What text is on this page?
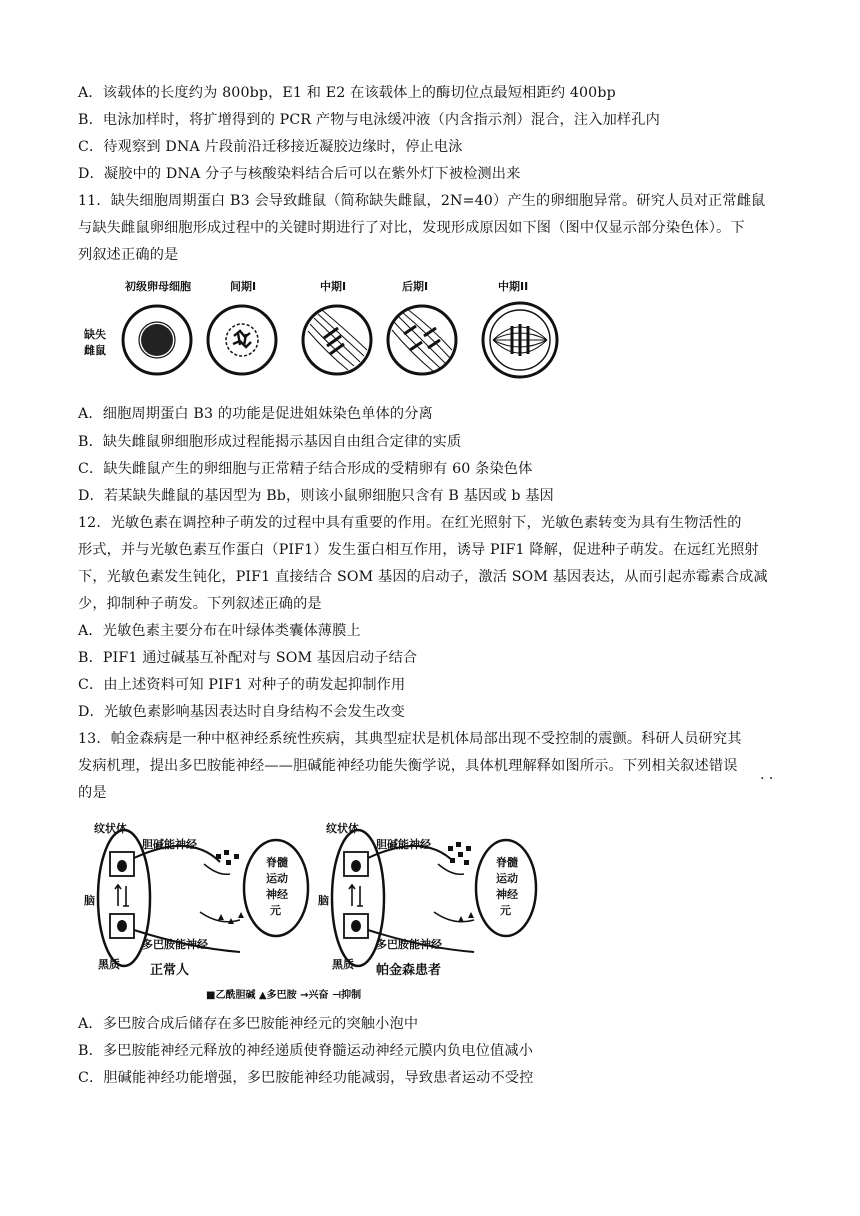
A．该载体的长度约为 800bp，E1 和 E2 在该载体上的酶切位点最短相距约 400bp
B．电泳加样时，将扩增得到的 PCR 产物与电泳缓冲液（内含指示剂）混合，注入加样孔内
C．待观察到 DNA 片段前沿迁移接近凝胶边缘时，停止电泳
D．凝胶中的 DNA 分子与核酸染料结合后可以在紫外灯下被检测出来
11．缺失细胞周期蛋白 B3 会导致雌鼠（简称缺失雌鼠，2N=40）产生的卵细胞异常。研究人员对正常雌鼠
与缺失雌鼠卵细胞形成过程中的关键时期进行了对比，发现形成原因如下图（图中仅显示部分染色体）。下
列叙述正确的是
初级卵母细胞	间期I	中期I	后期I	中期II
缺失
雌鼠
A．细胞周期蛋白 B3 的功能是促进姐妹染色单体的分离
B．缺失雌鼠卵细胞形成过程能揭示基因自由组合定律的实质
C．缺失雌鼠产生的卵细胞与正常精子结合形成的受精卵有 60 条染色体
D．若某缺失雌鼠的基因型为 Bb，则该小鼠卵细胞只含有 B 基因或 b 基因
12．光敏色素在调控种子萌发的过程中具有重要的作用。在红光照射下，光敏色素转变为具有生物活性的
形式，并与光敏色素互作蛋白（PIF1）发生蛋白相互作用，诱导 PIF1 降解，促进种子萌发。在远红光照射
下，光敏色素发生钝化，PIF1 直接结合 SOM 基因的启动子，激活 SOM 基因表达，从而引起赤霉素合成减
少，抑制种子萌发。下列叙述正确的是
A．光敏色素主要分布在叶绿体类囊体薄膜上
B．PIF1 通过碱基互补配对与 SOM 基因启动子结合
C．由上述资料可知 PIF1 对种子的萌发起抑制作用
D．光敏色素影响基因表达时自身结构不会发生改变
13．帕金森病是一种中枢神经系统性疾病，其典型症状是机体局部出现不受控制的震颤。科研人员研究其
发病机理，提出多巴胺能神经——胆碱能神经功能失衡学说，具体机理解释如图所示。下列相关叙述错误
的是
· ·
纹状体
脑
黑质
胆碱能神经
多巴胺能神经
脊髓
运动
神经
元
正常人
纹状体
脑
黑质
胆碱能神经
多巴胺能神经
脊髓
运动
神经
元
帕金森患者
■乙酰胆碱 ▲多巴胺 →兴奋 ⊣抑制
A．多巴胺合成后储存在多巴胺能神经元的突触小泡中
B．多巴胺能神经元释放的神经递质使脊髓运动神经元膜内负电位值减小
C．胆碱能神经功能增强，多巴胺能神经功能减弱，导致患者运动不受控
